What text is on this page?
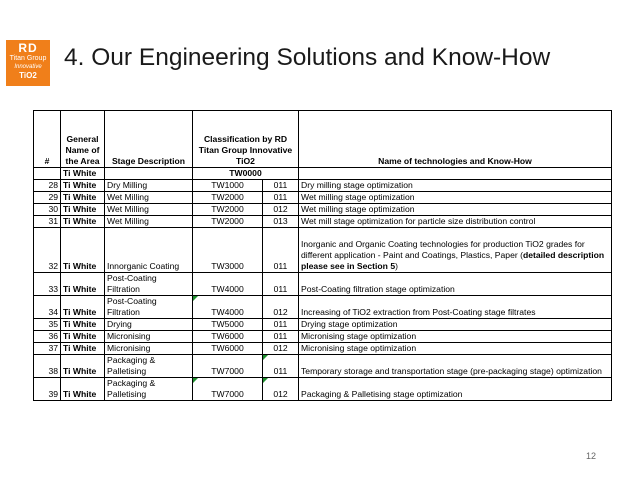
RD
Titan Group
Innovative
TiO2
4. Our Engineering Solutions and Know-How
#	General Name of the Area	Stage Description	Classification by RD Titan Group Innovative TiO2		Name of technologies and Know-How
	Ti White		TW0000		
28	Ti White	Dry Milling	TW1000	011	Dry milling stage optimization
29	Ti White	Wet Milling	TW2000	011	Wet milling stage optimization
30	Ti White	Wet Milling	TW2000	012	Wet milling stage optimization
31	Ti White	Wet Milling	TW2000	013	Wet mill stage optimization for particle size distribution control
32	Ti White	Innorganic Coating	TW3000	011	Inorganic and Organic Coating technologies for production TiO2 grades for different application - Paint and Coatings, Plastics, Paper (detailed description please see in Section 5)
33	Ti White	Post-Coating Filtration	TW4000	011	Post-Coating filtration stage optimization
34	Ti White	Post-Coating Filtration	TW4000	012	Increasing of TiO2 extraction from Post-Coating stage filtrates
35	Ti White	Drying	TW5000	011	Drying stage optimization
36	Ti White	Micronising	TW6000	011	Micronising stage optimization
37	Ti White	Micronising	TW6000	012	Micronising stage optimization
38	Ti White	Packaging & Palletising	TW7000	011	Temporary storage and transportation stage (pre-packaging stage) optimization
39	Ti White	Packaging & Palletising	TW7000	012	Packaging & Palletising stage optimization
12
